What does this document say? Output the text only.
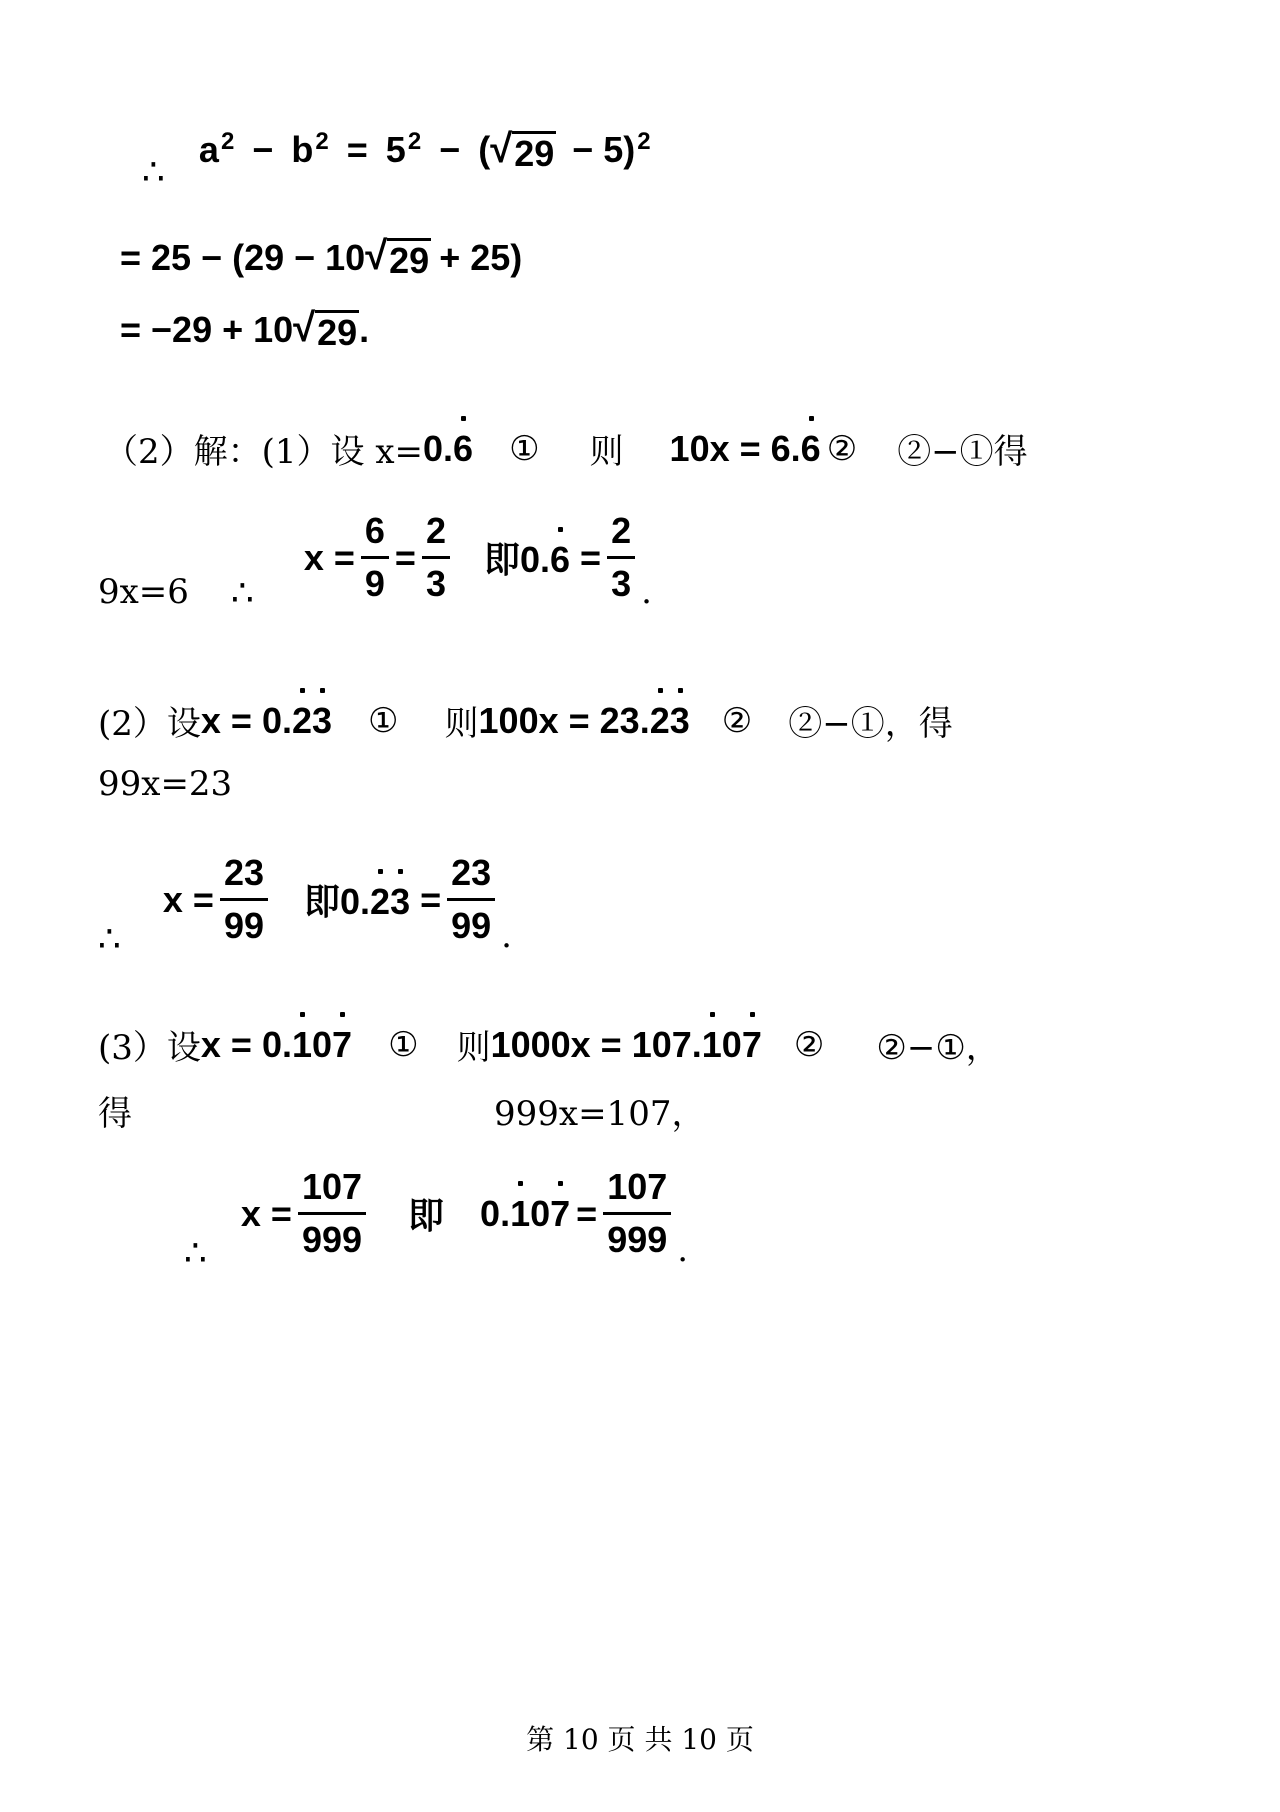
∴
$a^2 - b^2 = 5^2$ − ( √ 29 − 5)$^2$
= 25 − (29 − 10 √ 29 + 25)
= −29 + 10 √ 29 .
（2）解：(1）设 x= 0.6 ① 则 10x = 6.6 ② ②−①得
9x=6 ∴
$x = \frac{6}{9} = \frac{2}{3}$ 即$0.6 = \frac{2}{3}$ .
(2）设 x = 0.23 ① 则 100x = 23.23 ② ②−①，得
99x=23
∴
$x = \frac{23}{99}$ 即$0.23 = \frac{23}{99}$ .
(3）设 x = 0.107 ① 则 1000x = 107.107 ② ②−①，
得	999x=107，
∴
$x = \frac{107}{999}$ 即 $0.107 = \frac{107}{999}$ .
第 10 页 共 10 页
